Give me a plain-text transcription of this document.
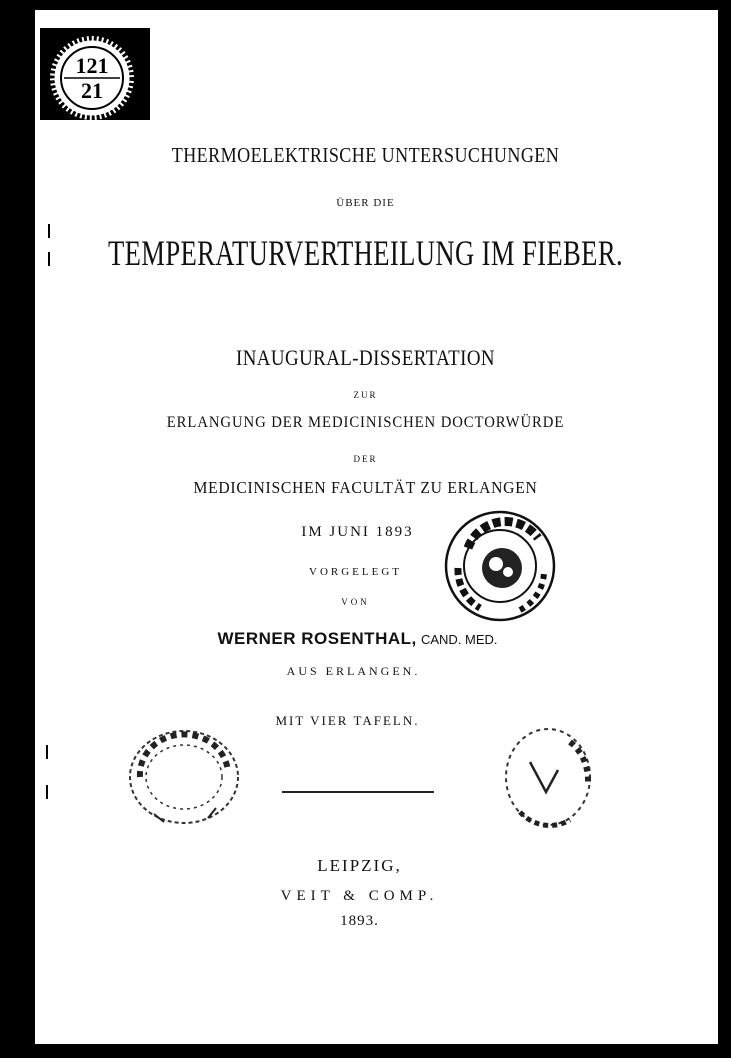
121
21
THERMOELEKTRISCHE UNTERSUCHUNGEN
ÜBER DIE
TEMPERATURVERTHEILUNG IM FIEBER.
INAUGURAL-DISSERTATION
ZUR
ERLANGUNG DER MEDICINISCHEN DOCTORWÜRDE
DER
MEDICINISCHEN FACULTÄT ZU ERLANGEN
IM JUNI 1893
VORGELEGT
VON
WERNER ROSENTHAL, CAND. MED.
AUS ERLANGEN.
MIT VIER TAFELN.
LEIPZIG,
VEIT & COMP.
1893.
